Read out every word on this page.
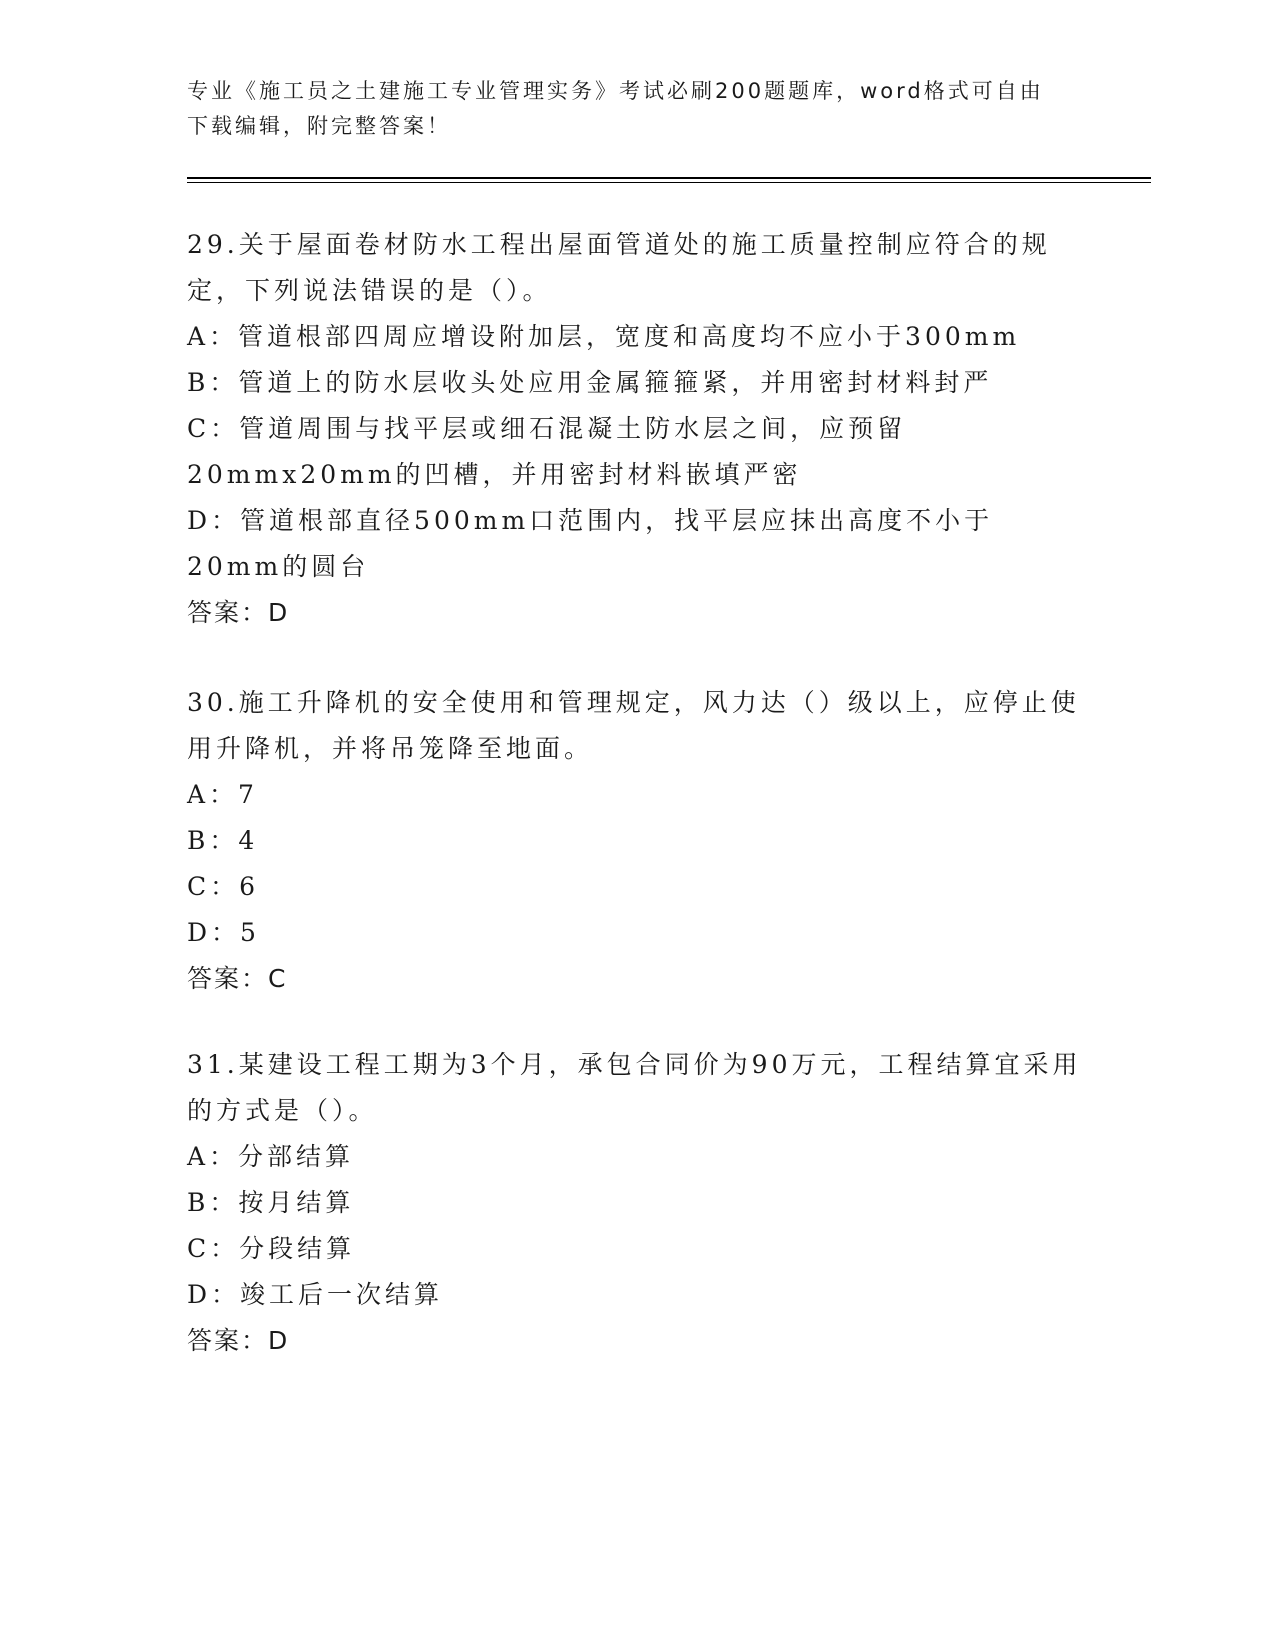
专业《施工员之土建施工专业管理实务》考试必刷200题题库，word格式可自由下载编辑，附完整答案！

29.关于屋面卷材防水工程出屋面管道处的施工质量控制应符合的规定，下列说法错误的是（）。

A：管道根部四周应增设附加层，宽度和高度均不应小于300mm

B：管道上的防水层收头处应用金属箍箍紧，并用密封材料封严

C：管道周围与找平层或细石混凝土防水层之间，应预留20mmx20mm的凹槽，并用密封材料嵌填严密

D：管道根部直径500mm口范围内，找平层应抹出高度不小于20mm的圆台

答案：D

30.施工升降机的安全使用和管理规定，风力达（）级以上，应停止使用升降机，并将吊笼降至地面。

A：7

B：4

C：6

D：5

答案：C

31.某建设工程工期为3个月，承包合同价为90万元，工程结算宜采用的方式是（）。

A：分部结算

B：按月结算

C：分段结算

D：竣工后一次结算

答案：D
